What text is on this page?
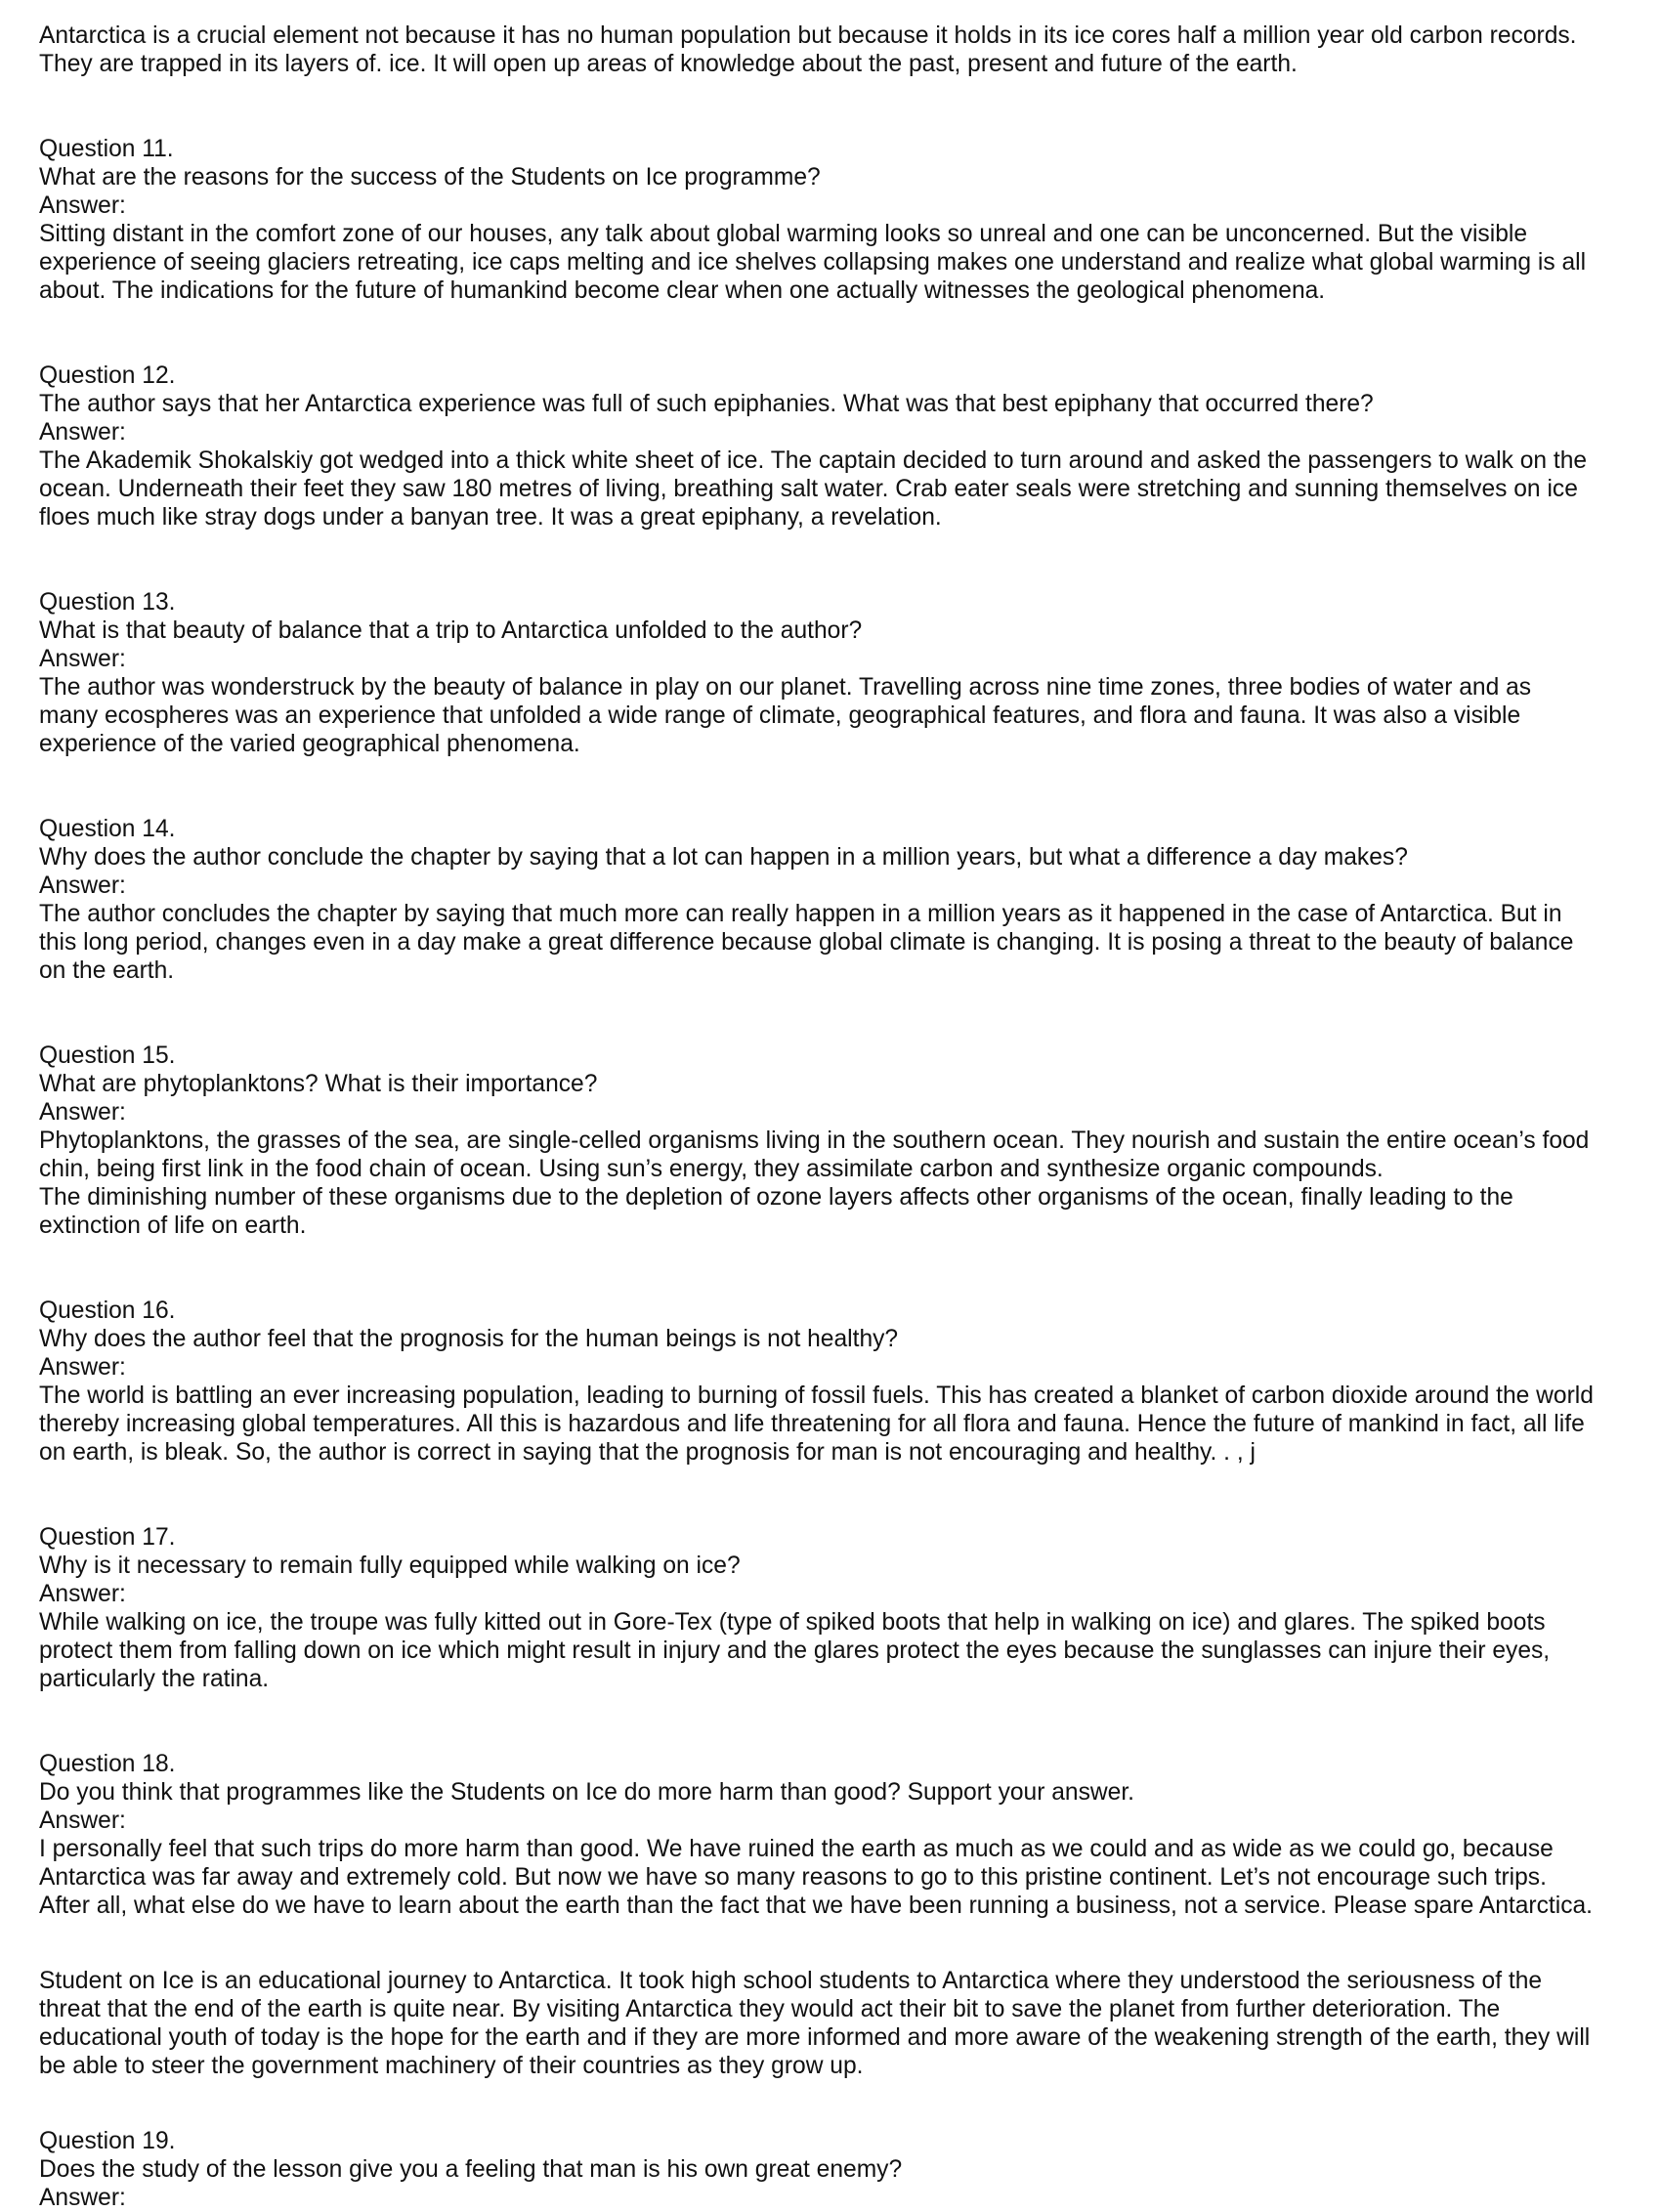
Antarctica is a crucial element not because it has no human population but because it holds in its ice cores half a million year old carbon records.
They are trapped in its layers of. ice. It will open up areas of knowledge about the past, present and future of the earth.
Question 11.
What are the reasons for the success of the Students on Ice programme?
Answer:
Sitting distant in the comfort zone of our houses, any talk about global warming looks so unreal and one can be unconcerned. But the visible
experience of seeing glaciers retreating, ice caps melting and ice shelves collapsing makes one understand and realize what global warming is all
about. The indications for the future of humankind become clear when one actually witnesses the geological phenomena.
Question 12.
The author says that her Antarctica experience was full of such epiphanies. What was that best epiphany that occurred there?
Answer:
The Akademik Shokalskiy got wedged into a thick white sheet of ice. The captain decided to turn around and asked the passengers to walk on the
ocean. Underneath their feet they saw 180 metres of living, breathing salt water. Crab eater seals were stretching and sunning themselves on ice
floes much like stray dogs under a banyan tree. It was a great epiphany, a revelation.
Question 13.
What is that beauty of balance that a trip to Antarctica unfolded to the author?
Answer:
The author was wonderstruck by the beauty of balance in play on our planet. Travelling across nine time zones, three bodies of water and as
many ecospheres was an experience that unfolded a wide range of climate, geographical features, and flora and fauna. It was also a visible
experience of the varied geographical phenomena.
Question 14.
Why does the author conclude the chapter by saying that a lot can happen in a million years, but what a difference a day makes?
Answer:
The author concludes the chapter by saying that much more can really happen in a million years as it happened in the case of Antarctica. But in
this long period, changes even in a day make a great difference because global climate is changing. It is posing a threat to the beauty of balance
on the earth.
Question 15.
What are phytoplanktons? What is their importance?
Answer:
Phytoplanktons, the grasses of the sea, are single-celled organisms living in the southern ocean. They nourish and sustain the entire ocean’s food
chin, being first link in the food chain of ocean. Using sun’s energy, they assimilate carbon and synthesize organic compounds.
The diminishing number of these organisms due to the depletion of ozone layers affects other organisms of the ocean, finally leading to the
extinction of life on earth.
Question 16.
Why does the author feel that the prognosis for the human beings is not healthy?
Answer:
The world is battling an ever increasing population, leading to burning of fossil fuels. This has created a blanket of carbon dioxide around the world
thereby increasing global temperatures. All this is hazardous and life threatening for all flora and fauna. Hence the future of mankind in fact, all life
on earth, is bleak. So, the author is correct in saying that the prognosis for man is not encouraging and healthy. . , j
Question 17.
Why is it necessary to remain fully equipped while walking on ice?
Answer:
While walking on ice, the troupe was fully kitted out in Gore-Tex (type of spiked boots that help in walking on ice) and glares. The spiked boots
protect them from falling down on ice which might result in injury and the glares protect the eyes because the sunglasses can injure their eyes,
particularly the ratina.
Question 18.
Do you think that programmes like the Students on Ice do more harm than good? Support your answer.
Answer:
I personally feel that such trips do more harm than good. We have ruined the earth as much as we could and as wide as we could go, because
Antarctica was far away and extremely cold. But now we have so many reasons to go to this pristine continent. Let’s not encourage such trips.
After all, what else do we have to learn about the earth than the fact that we have been running a business, not a service. Please spare Antarctica.
Student on Ice is an educational journey to Antarctica. It took high school students to Antarctica where they understood the seriousness of the
threat that the end of the earth is quite near. By visiting Antarctica they would act their bit to save the planet from further deterioration. The
educational youth of today is the hope for the earth and if they are more informed and more aware of the weakening strength of the earth, they will
be able to steer the government machinery of their countries as they grow up.
Question 19.
Does the study of the lesson give you a feeling that man is his own great enemy?
Answer:
